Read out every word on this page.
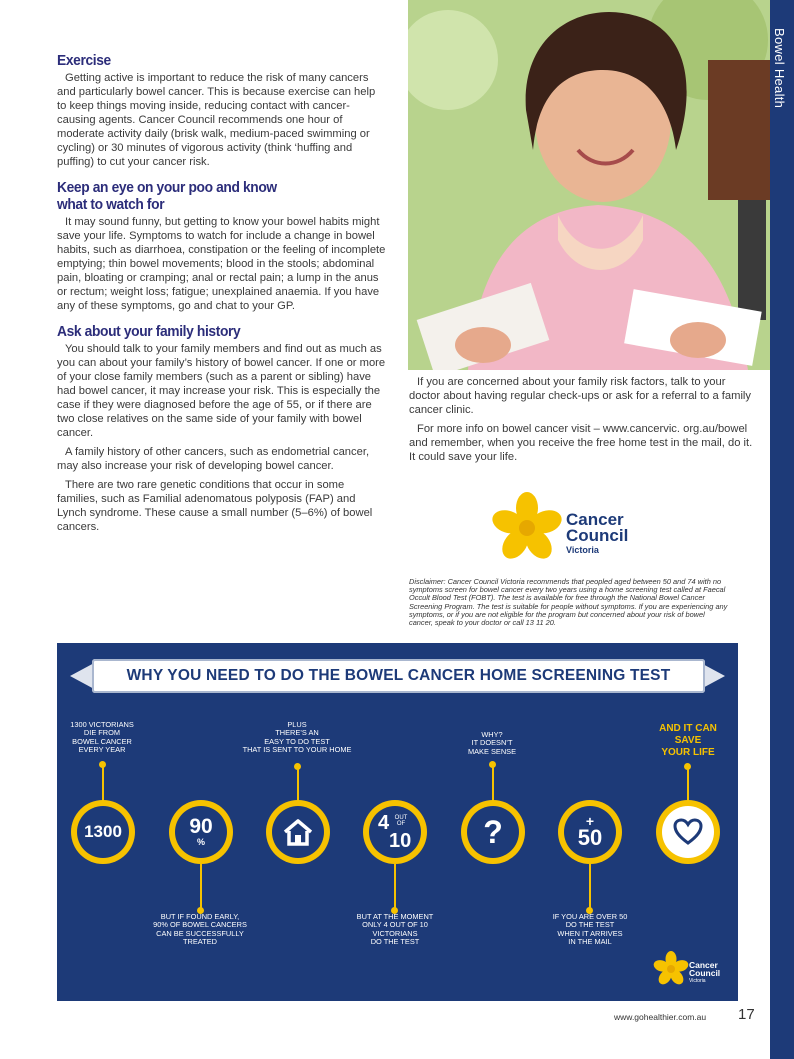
Bowel Health
Exercise

Getting active is important to reduce the risk of many cancers and particularly bowel cancer. This is because exercise can help to keep things moving inside, reducing contact with cancer-causing agents. Cancer Council recommends one hour of moderate activity daily (brisk walk, medium-paced swimming or cycling) or 30 minutes of vigorous activity (think ‘huffing and puffing) to cut your cancer risk.

Keep an eye on your poo and know what to watch for

It may sound funny, but getting to know your bowel habits might save your life. Symptoms to watch for include a change in bowel habits, such as diarrhoea, constipation or the feeling of incomplete emptying; thin bowel movements; blood in the stools; abdominal pain, bloating or cramping; anal or rectal pain; a lump in the anus or rectum; weight loss; fatigue; unexplained anaemia. If you have any of these symptoms, go and chat to your GP.

Ask about your family history

You should talk to your family members and find out as much as you can about your family’s history of bowel cancer. If one or more of your close family members (such as a parent or sibling) have had bowel cancer, it may increase your risk. This is especially the case if they were diagnosed before the age of 55, or if there are two close relatives on the same side of your family with bowel cancer.

A family history of other cancers, such as endometrial cancer, may also increase your risk of developing bowel cancer.

There are two rare genetic conditions that occur in some families, such as Familial adenomatous polyposis (FAP) and Lynch syndrome. These cause a small number (5–6%) of bowel cancers.

If you are concerned about your family risk factors, talk to your doctor about having regular check-ups or ask for a referral to a family cancer clinic.

For more info on bowel cancer visit – www.cancervic. org.au/bowel and remember, when you receive the free home test in the mail, do it. It could save your life.

Cancer
Council
Victoria
Disclaimer: Cancer Council Victoria recommends that peopled aged between 50 and 74 with no symptoms screen for bowel cancer every two years using a home screening test called at Faecal Occult Blood Test (FOBT). The test is available for free through the National Bowel Cancer Screening Program. The test is suitable for people without symptoms. If you are experiencing any symptoms, or if you are not eligible for the program but concerned about your risk of bowel cancer, speak to your doctor or call 13 11 20.
WHY YOU NEED TO DO THE BOWEL CANCER HOME SCREENING TEST
1300 VICTORIANS
DIE FROM
BOWEL CANCER
EVERY YEAR
1300	90
%
BUT IF FOUND EARLY,
90% OF BOWEL CANCERS
CAN BE SUCCESSFULLY
TREATED
PLUS
THERE’S AN
EASY TO DO TEST
THAT IS SENT TO YOUR HOME
4 OUT OF
10
BUT AT THE MOMENT
ONLY 4 OUT OF 10
VICTORIANS
DO THE TEST
WHY?
IT DOESN’T
MAKE SENSE
?	+
50
IF YOU ARE OVER 50
DO THE TEST
WHEN IT ARRIVES
IN THE MAIL
AND IT CAN
SAVE
YOUR LIFE
Cancer
Council
Victoria
www.gohealthier.com.au 17
